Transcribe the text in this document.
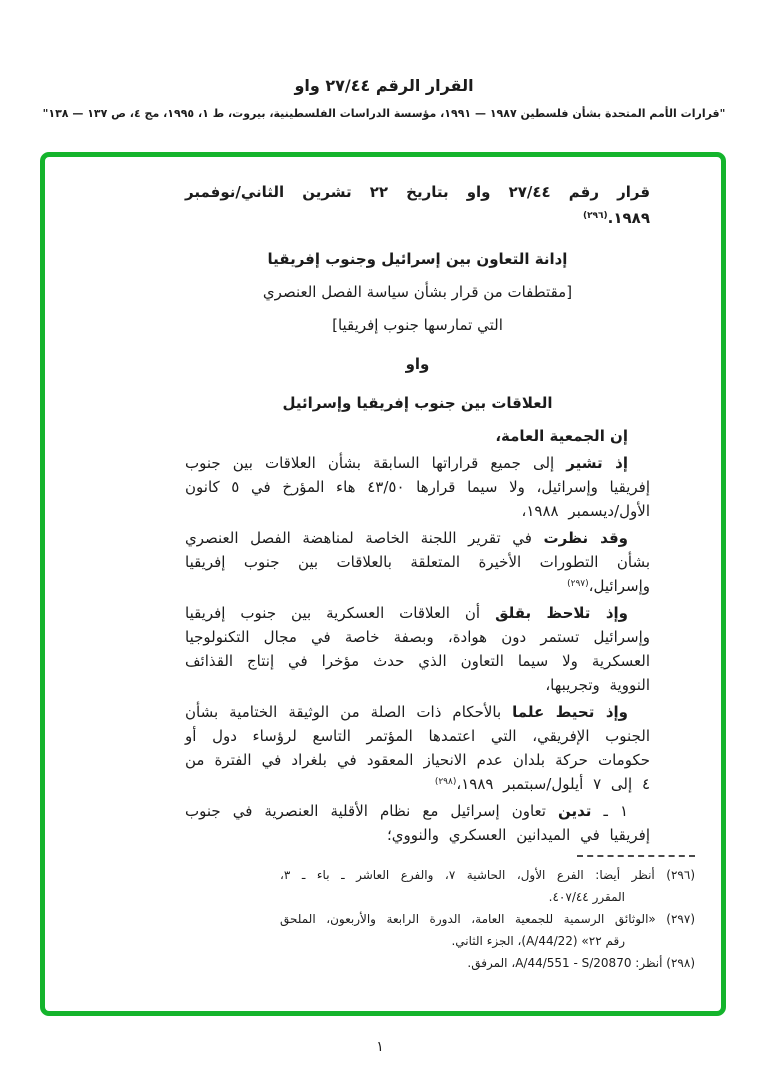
القرار الرقم ٢٧/٤٤ واو
"قرارات الأمم المتحدة بشأن فلسطين ١٩٨٧ — ١٩٩١، مؤسسة الدراسات الفلسطينية، بيروت، ط ١، ١٩٩٥، مج ٤، ص ١٣٧ — ١٣٨"
قرار رقم ٢٧/٤٤ واو بتاريخ ٢٢ تشرين الثاني/نوفمبر
١٩٨٩.$^{(٢٩٦)}$
إدانة التعاون بين إسرائيل وجنوب إفريقيا
[مقتطفات من قرار بشأن سياسة الفصل العنصري
التي تمارسها جنوب إفريقيا]
واو
العلاقات بين جنوب إفريقيا وإسرائيل
إن الجمعية العامة،

إذ تشير إلى جميع قراراتها السابقة بشأن العلاقات بين جنوب إفريقيا وإسرائيل، ولا سيما قرارها ٤٣/٥٠ هاء المؤرخ في ٥ كانون الأول/ديسمبر ١٩٨٨،

وقد نظرت في تقرير اللجنة الخاصة لمناهضة الفصل العنصري بشأن التطورات الأخيرة المتعلقة بالعلاقات بين جنوب إفريقيا وإسرائيل،$^{(٢٩٧)}$

وإذ تلاحظ بقلق أن العلاقات العسكرية بين جنوب إفريقيا وإسرائيل تستمر دون هوادة، وبصفة خاصة في مجال التكنولوجيا العسكرية ولا سيما التعاون الذي حدث مؤخرا في إنتاج القذائف النووية وتجريبها،

وإذ تحيط علما بالأحكام ذات الصلة من الوثيقة الختامية بشأن الجنوب الإفريقي، التي اعتمدها المؤتمر التاسع لرؤساء دول أو حكومات حركة بلدان عدم الانحياز المعقود في بلغراد في الفترة من ٤ إلى ٧ أيلول/سبتمبر ١٩٨٩،$^{(٢٩٨)}$

١ ـ تدين تعاون إسرائيل مع نظام الأقلية العنصرية في جنوب إفريقيا في الميدانين العسكري والنووي؛

(٢٩٦) أنظر أيضا: الفرع الأول، الحاشية ٧، والفرع العاشر ـ باء ـ ٣،
المقرر ٤٠٧/٤٤.
(٢٩٧) «الوثائق الرسمية للجمعية العامة، الدورة الرابعة والأربعون، الملحق
رقم ٢٢» (A/44/22)، الجزء الثاني.
(٢٩٨) أنظر: A/44/551 - S/20870، المرفق.
١
